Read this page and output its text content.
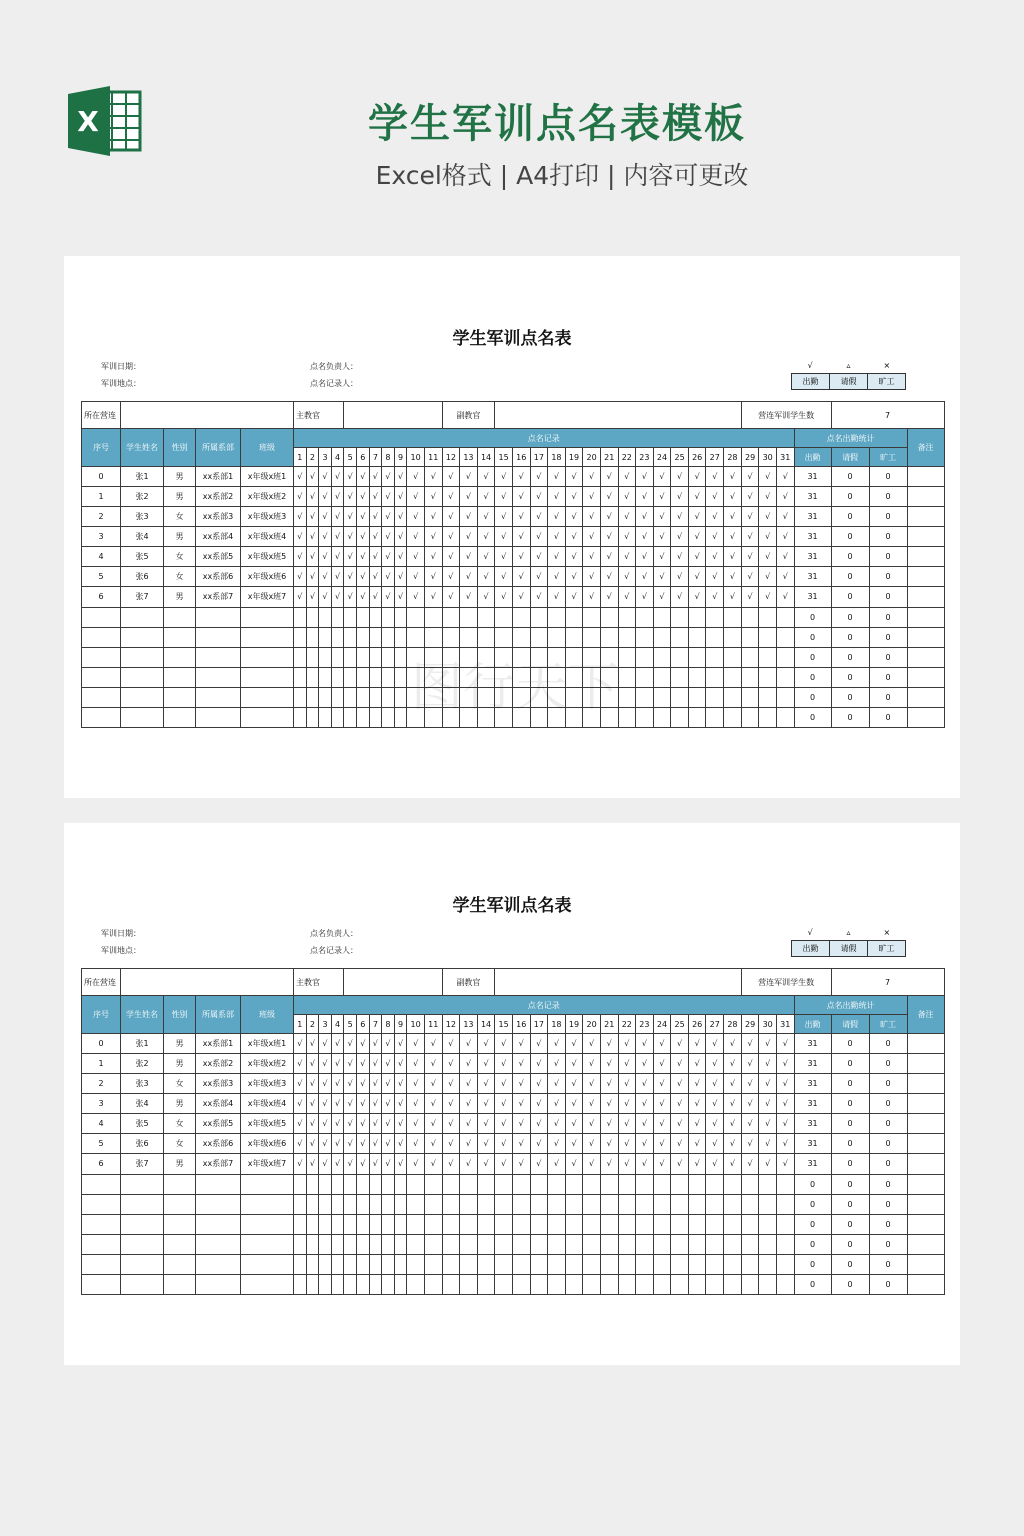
X	学生军训点名表模板
Excel格式 | A4打印 | 内容可更改
学生军训点名表
军训日期：
军训地点：
点名负责人：
点名记录人：
√	▵	×
出勤	请假	旷工
所在营连					主教官											副教官																	营连军训学生数				7		
序号	学生姓名	性别	所属系部	班级	点名记录																															点名出勤统计			备注
					1	2	3	4	5	6	7	8	9	10	11	12	13	14	15	16	17	18	19	20	21	22	23	24	25	26	27	28	29	30	31	出勤	请假	旷工	
0	张1	男	xx系部1	x年级x班1	√	√	√	√	√	√	√	√	√	√	√	√	√	√	√	√	√	√	√	√	√	√	√	√	√	√	√	√	√	√	√	31	0	0	
1	张2	男	xx系部2	x年级x班2	√	√	√	√	√	√	√	√	√	√	√	√	√	√	√	√	√	√	√	√	√	√	√	√	√	√	√	√	√	√	√	31	0	0	
2	张3	女	xx系部3	x年级x班3	√	√	√	√	√	√	√	√	√	√	√	√	√	√	√	√	√	√	√	√	√	√	√	√	√	√	√	√	√	√	√	31	0	0	
3	张4	男	xx系部4	x年级x班4	√	√	√	√	√	√	√	√	√	√	√	√	√	√	√	√	√	√	√	√	√	√	√	√	√	√	√	√	√	√	√	31	0	0	
4	张5	女	xx系部5	x年级x班5	√	√	√	√	√	√	√	√	√	√	√	√	√	√	√	√	√	√	√	√	√	√	√	√	√	√	√	√	√	√	√	31	0	0	
5	张6	女	xx系部6	x年级x班6	√	√	√	√	√	√	√	√	√	√	√	√	√	√	√	√	√	√	√	√	√	√	√	√	√	√	√	√	√	√	√	31	0	0	
6	张7	男	xx系部7	x年级x班7	√	√	√	√	√	√	√	√	√	√	√	√	√	√	√	√	√	√	√	√	√	√	√	√	√	√	√	√	√	√	√	31	0	0	
																																				0	0	0	
																																				0	0	0	
																																				0	0	0	
																																				0	0	0	
																																				0	0	0	
																																				0	0	0	
学生军训点名表
军训日期：
军训地点：
点名负责人：
点名记录人：
√	▵	×
出勤	请假	旷工
所在营连					主教官											副教官																	营连军训学生数				7		
序号	学生姓名	性别	所属系部	班级	点名记录																															点名出勤统计			备注
					1	2	3	4	5	6	7	8	9	10	11	12	13	14	15	16	17	18	19	20	21	22	23	24	25	26	27	28	29	30	31	出勤	请假	旷工	
0	张1	男	xx系部1	x年级x班1	√	√	√	√	√	√	√	√	√	√	√	√	√	√	√	√	√	√	√	√	√	√	√	√	√	√	√	√	√	√	√	31	0	0	
1	张2	男	xx系部2	x年级x班2	√	√	√	√	√	√	√	√	√	√	√	√	√	√	√	√	√	√	√	√	√	√	√	√	√	√	√	√	√	√	√	31	0	0	
2	张3	女	xx系部3	x年级x班3	√	√	√	√	√	√	√	√	√	√	√	√	√	√	√	√	√	√	√	√	√	√	√	√	√	√	√	√	√	√	√	31	0	0	
3	张4	男	xx系部4	x年级x班4	√	√	√	√	√	√	√	√	√	√	√	√	√	√	√	√	√	√	√	√	√	√	√	√	√	√	√	√	√	√	√	31	0	0	
4	张5	女	xx系部5	x年级x班5	√	√	√	√	√	√	√	√	√	√	√	√	√	√	√	√	√	√	√	√	√	√	√	√	√	√	√	√	√	√	√	31	0	0	
5	张6	女	xx系部6	x年级x班6	√	√	√	√	√	√	√	√	√	√	√	√	√	√	√	√	√	√	√	√	√	√	√	√	√	√	√	√	√	√	√	31	0	0	
6	张7	男	xx系部7	x年级x班7	√	√	√	√	√	√	√	√	√	√	√	√	√	√	√	√	√	√	√	√	√	√	√	√	√	√	√	√	√	√	√	31	0	0	
																																				0	0	0	
																																				0	0	0	
																																				0	0	0	
																																				0	0	0	
																																				0	0	0	
																																				0	0	0	
图行天下
